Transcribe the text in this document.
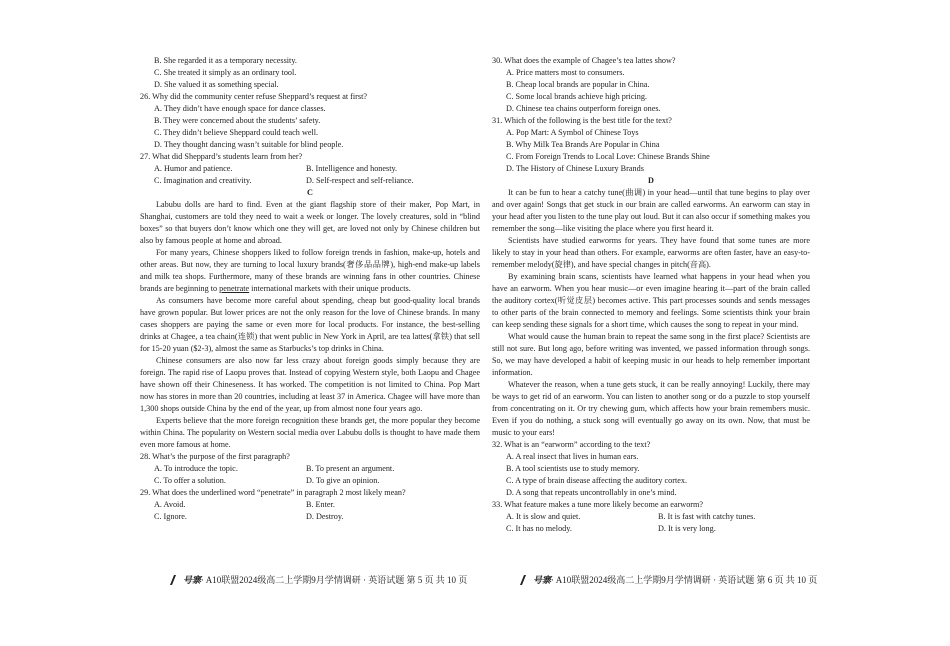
B. She regarded it as a temporary necessity.
C. She treated it simply as an ordinary tool.
D. She valued it as something special.
26. Why did the community center refuse Sheppard’s request at first?
A. They didn’t have enough space for dance classes.
B. They were concerned about the students’ safety.
C. They didn’t believe Sheppard could teach well.
D. They thought dancing wasn’t suitable for blind people.
27. What did Sheppard’s students learn from her?
A. Humor and patience.	B. Intelligence and honesty.
C. Imagination and creativity.	D. Self-respect and self-reliance.
C
Labubu dolls are hard to find. Even at the giant flagship store of their maker, Pop Mart, in Shanghai, customers are told they need to wait a week or longer. The lovely creatures, sold in “blind boxes” so that buyers don’t know which one they will get, are loved not only by Chinese children but also by famous people at home and abroad.
For many years, Chinese shoppers liked to follow foreign trends in fashion, make-up, hotels and other areas. But now, they are turning to local luxury brands(奢侈品品牌), high-end make-up labels and milk tea shops. Furthermore, many of these brands are winning fans in other countries. Chinese brands are beginning to penetrate international markets with their unique products.
As consumers have become more careful about spending, cheap but good-quality local brands have grown popular. But lower prices are not the only reason for the love of Chinese brands. In many cases shoppers are paying the same or even more for local products. For instance, the best-selling drinks at Chagee, a tea chain(连锁) that went public in New York in April, are tea lattes(拿铁) that sell for 15-20 yuan ($2-3), almost the same as Starbucks’s top drinks in China.
Chinese consumers are also now far less crazy about foreign goods simply because they are foreign. The rapid rise of Laopu proves that. Instead of copying Western style, both Laopu and Chagee have shown off their Chineseness. It has worked. The competition is not limited to China. Pop Mart now has stores in more than 20 countries, including at least 37 in America. Chagee will have more than 1,300 shops outside China by the end of the year, up from almost none four years ago.
Experts believe that the more foreign recognition these brands get, the more popular they become within China. The popularity on Western social media over Labubu dolls is thought to have made them even more famous at home.
28. What’s the purpose of the first paragraph?
A. To introduce the topic.	B. To present an argument.
C. To offer a solution.	D. To give an opinion.
29. What does the underlined word “penetrate” in paragraph 2 most likely mean?
A. Avoid.	B. Enter.
C. Ignore.	D. Destroy.
30. What does the example of Chagee’s tea lattes show?
A. Price matters most to consumers.
B. Cheap local brands are popular in China.
C. Some local brands achieve high pricing.
D. Chinese tea chains outperform foreign ones.
31. Which of the following is the best title for the text?
A. Pop Mart: A Symbol of Chinese Toys
B. Why Milk Tea Brands Are Popular in China
C. From Foreign Trends to Local Love: Chinese Brands Shine
D. The History of Chinese Luxury Brands
D
It can be fun to hear a catchy tune(曲调) in your head—until that tune begins to play over and over again! Songs that get stuck in our brain are called earworms. An earworm can stay in your head after you listen to the tune play out loud. But it can also occur if something makes you remember the song—like visiting the place where you first heard it.
Scientists have studied earworms for years. They have found that some tunes are more likely to stay in your head than others. For example, earworms are often faster, have an easy-to-remember melody(旋律), and have special changes in pitch(音高).
By examining brain scans, scientists have learned what happens in your head when you have an earworm. When you hear music—or even imagine hearing it—part of the brain called the auditory cortex(听觉皮层) becomes active. This part processes sounds and sends messages to other parts of the brain connected to memory and feelings. Some scientists think your brain can keep sending these signals for a short time, which causes the song to repeat in your mind.
What would cause the human brain to repeat the same song in the first place? Scientists are still not sure. But long ago, before writing was invented, we passed information through songs. So, we may have developed a habit of keeping music in our heads to help remember important information.
Whatever the reason, when a tune gets stuck, it can be really annoying! Luckily, there may be ways to get rid of an earworm. You can listen to another song or do a puzzle to stop yourself from concentrating on it. Or try chewing gum, which affects how your brain remembers music. Even if you do nothing, a stuck song will eventually go away on its own. Now, that must be music to your ears!
32. What is an “earworm” according to the text?
A. A real insect that lives in human ears.
B. A tool scientists use to study memory.
C. A type of brain disease affecting the auditory cortex.
D. A song that repeats uncontrollably in one’s mind.
33. What feature makes a tune more likely become an earworm?
A. It is slow and quiet.	B. It is fast with catchy tunes.
C. It has no melody.	D. It is very long.
号寨 · A10联盟2024级高二上学期9月学情调研 · 英语试题 第 5 页 共 10 页	号寨 · A10联盟2024级高二上学期9月学情调研 · 英语试题 第 6 页 共 10 页
